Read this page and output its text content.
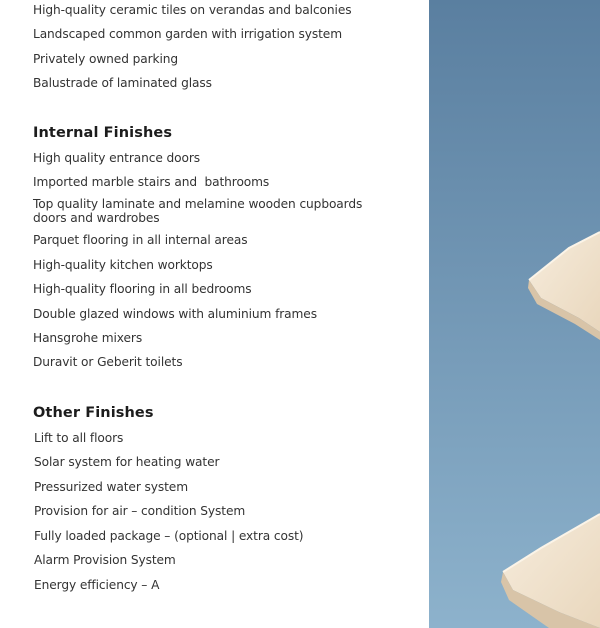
High-quality ceramic tiles on verandas and balconies
Landscaped common garden with irrigation system
Privately owned parking
Balustrade of laminated glass
Internal Finishes
High quality entrance doors
Imported marble stairs and  bathrooms
Top quality laminate and melamine wooden cupboards doors and wardrobes
Parquet flooring in all internal areas
High-quality kitchen worktops
High-quality flooring in all bedrooms
Double glazed windows with aluminium frames
Hansgrohe mixers
Duravit or Geberit toilets
Other Finishes
Lift to all floors
Solar system for heating water
Pressurized water system
Provision for air – condition System
Fully loaded package – (optional | extra cost)
Alarm Provision System
Energy efficiency – A
